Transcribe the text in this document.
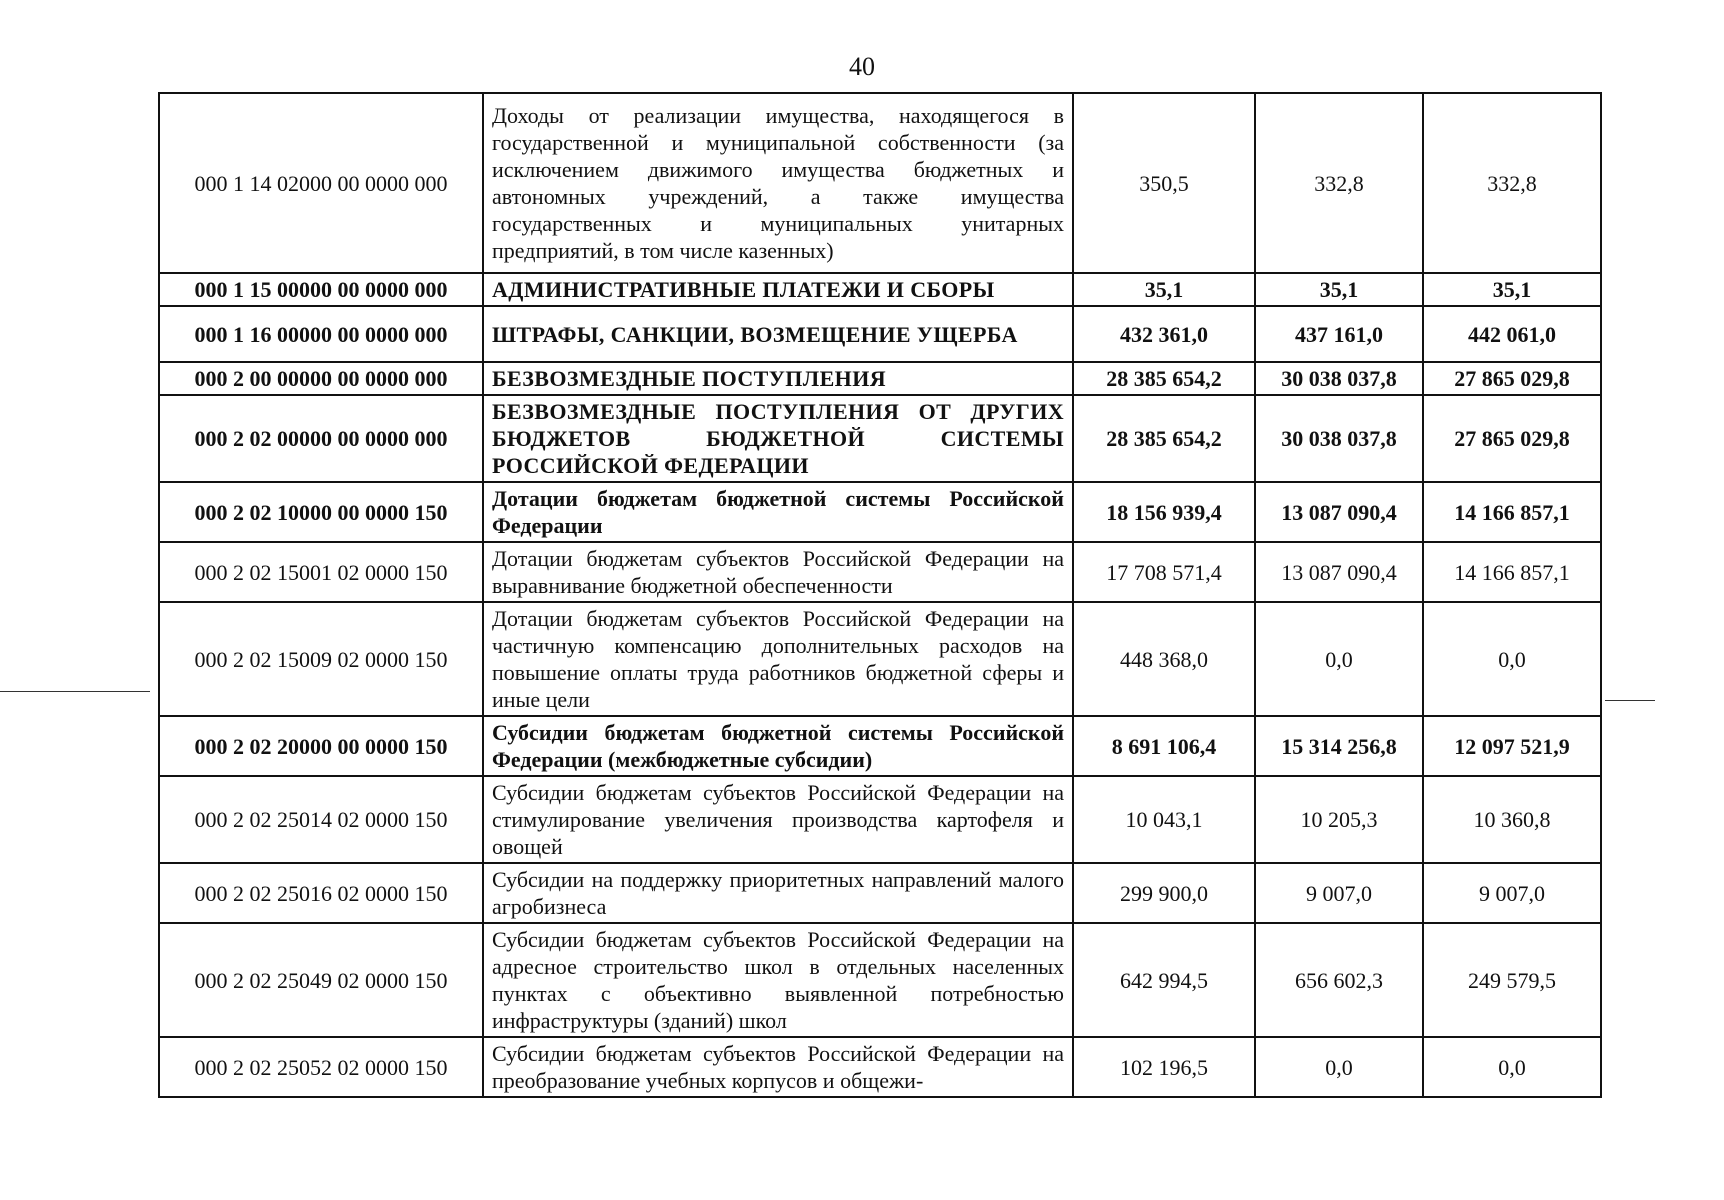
40
000 1 14 02000 00 0000 000	Доходы от реализации имущества, находящегося в государственной и муниципальной собственности (за исключением движимого имущества бюджетных и автономных учреждений, а также имущества государственных и муниципальных унитарных предприятий, в том числе казенных)	350,5	332,8	332,8
000 1 15 00000 00 0000 000	АДМИНИСТРАТИВНЫЕ ПЛАТЕЖИ И СБОРЫ	35,1	35,1	35,1
000 1 16 00000 00 0000 000	ШТРАФЫ, САНКЦИИ, ВОЗМЕЩЕНИЕ УЩЕРБА	432 361,0	437 161,0	442 061,0
000 2 00 00000 00 0000 000	БЕЗВОЗМЕЗДНЫЕ ПОСТУПЛЕНИЯ	28 385 654,2	30 038 037,8	27 865 029,8
000 2 02 00000 00 0000 000	БЕЗВОЗМЕЗДНЫЕ ПОСТУПЛЕНИЯ ОТ ДРУГИХ БЮДЖЕТОВ БЮДЖЕТНОЙ СИСТЕМЫ РОССИЙСКОЙ ФЕДЕРАЦИИ	28 385 654,2	30 038 037,8	27 865 029,8
000 2 02 10000 00 0000 150	Дотации бюджетам бюджетной системы Российской Федерации	18 156 939,4	13 087 090,4	14 166 857,1
000 2 02 15001 02 0000 150	Дотации бюджетам субъектов Российской Федерации на выравнивание бюджетной обеспеченности	17 708 571,4	13 087 090,4	14 166 857,1
000 2 02 15009 02 0000 150	Дотации бюджетам субъектов Российской Федерации на частичную компенсацию дополнительных расходов на повышение оплаты труда работников бюджетной сферы и иные цели	448 368,0	0,0	0,0
000 2 02 20000 00 0000 150	Субсидии бюджетам бюджетной системы Российской Федерации (межбюджетные субсидии)	8 691 106,4	15 314 256,8	12 097 521,9
000 2 02 25014 02 0000 150	Субсидии бюджетам субъектов Российской Федерации на стимулирование увеличения производства картофеля и овощей	10 043,1	10 205,3	10 360,8
000 2 02 25016 02 0000 150	Субсидии на поддержку приоритетных направлений малого агробизнеса	299 900,0	9 007,0	9 007,0
000 2 02 25049 02 0000 150	Субсидии бюджетам субъектов Российской Федерации на адресное строительство школ в отдельных населенных пунктах с объективно выявленной потребностью инфраструктуры (зданий) школ	642 994,5	656 602,3	249 579,5
000 2 02 25052 02 0000 150	Субсидии бюджетам субъектов Российской Федерации на преобразование учебных корпусов и общежи-	102 196,5	0,0	0,0
